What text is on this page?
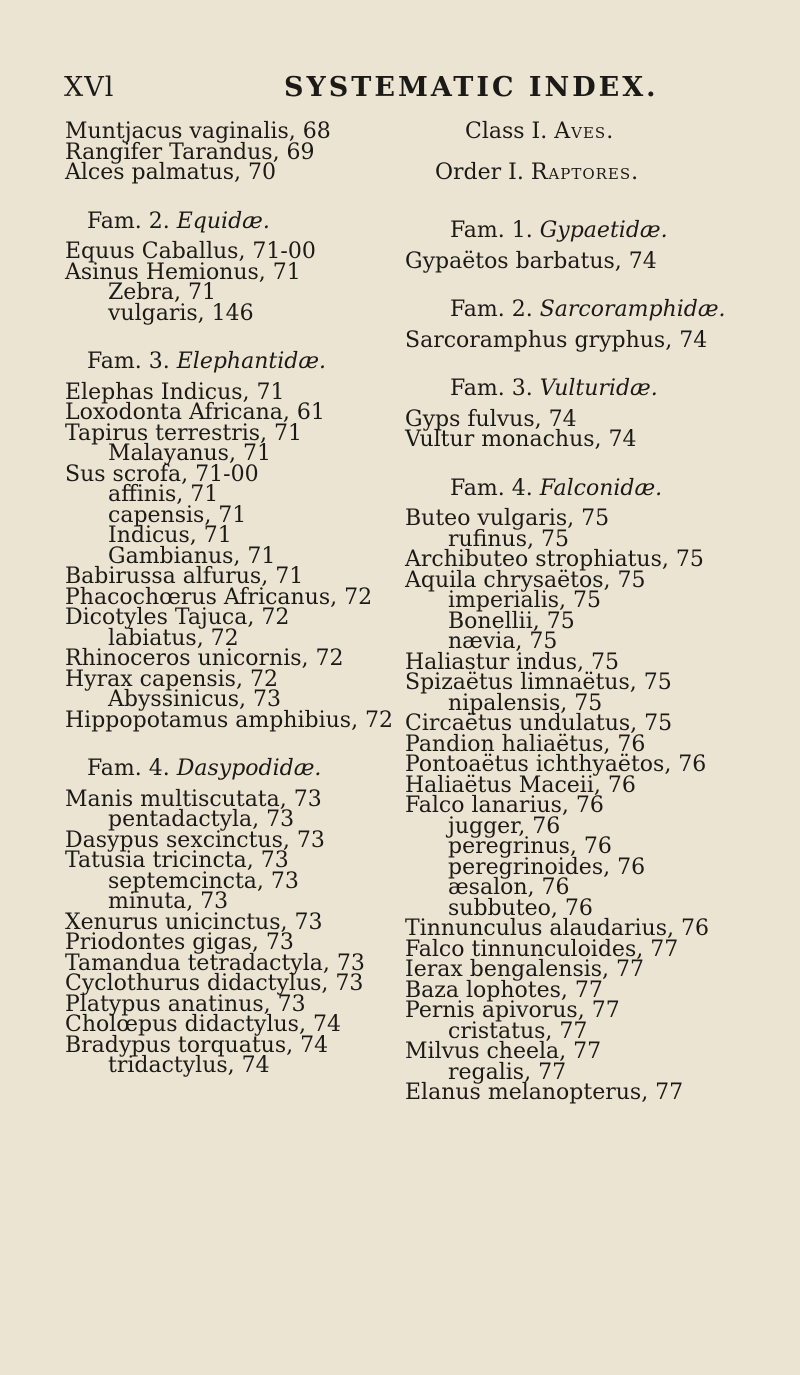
XVl	SYSTEMATIC INDEX.
Muntjacus vaginalis, 68
Rangifer Tarandus, 69
Alces palmatus, 70
Fam. 2. Equidæ.
Equus Caballus, 71-00
Asinus Hemionus, 71
Zebra, 71
vulgaris, 146
Fam. 3. Elephantidæ.
Elephas Indicus, 71
Loxodonta Africana, 61
Tapirus terrestris, 71
Malayanus, 71
Sus scrofa, 71-00
affinis, 71
capensis, 71
Indicus, 71
Gambianus, 71
Babirussa alfurus, 71
Phacochœrus Africanus, 72
Dicotyles Tajuca, 72
labiatus, 72
Rhinoceros unicornis, 72
Hyrax capensis, 72
Abyssinicus, 73
Hippopotamus amphibius, 72
Fam. 4. Dasypodidæ.
Manis multiscutata, 73
pentadactyla, 73
Dasypus sexcinctus, 73
Tatusia tricincta, 73
septemcincta, 73
minuta, 73
Xenurus unicinctus, 73
Priodontes gigas, 73
Tamandua tetradactyla, 73
Cyclothurus didactylus, 73
Platypus anatinus, 73
Cholœpus didactylus, 74
Bradypus torquatus, 74
tridactylus, 74
Class I. Aves.
Order I. Raptores.
Fam. 1. Gypaetidæ.
Gypaëtos barbatus, 74
Fam. 2. Sarcoramphidæ.
Sarcoramphus gryphus, 74
Fam. 3. Vulturidæ.
Gyps fulvus, 74
Vultur monachus, 74
Fam. 4. Falconidæ.
Buteo vulgaris, 75
rufinus, 75
Archibuteo strophiatus, 75
Aquila chrysaëtos, 75
imperialis, 75
Bonellii, 75
nævia, 75
Haliastur indus, 75
Spizaëtus limnaëtus, 75
nipalensis, 75
Circaëtus undulatus, 75
Pandion haliaëtus, 76
Pontoaëtus ichthyaëtos, 76
Haliaëtus Maceii, 76
Falco lanarius, 76
jugger, 76
peregrinus, 76
peregrinoides, 76
æsalon, 76
subbuteo, 76
Tinnunculus alaudarius, 76
Falco tinnunculoides, 77
Ierax bengalensis, 77
Baza lophotes, 77
Pernis apivorus, 77
cristatus, 77
Milvus cheela, 77
regalis, 77
Elanus melanopterus, 77
